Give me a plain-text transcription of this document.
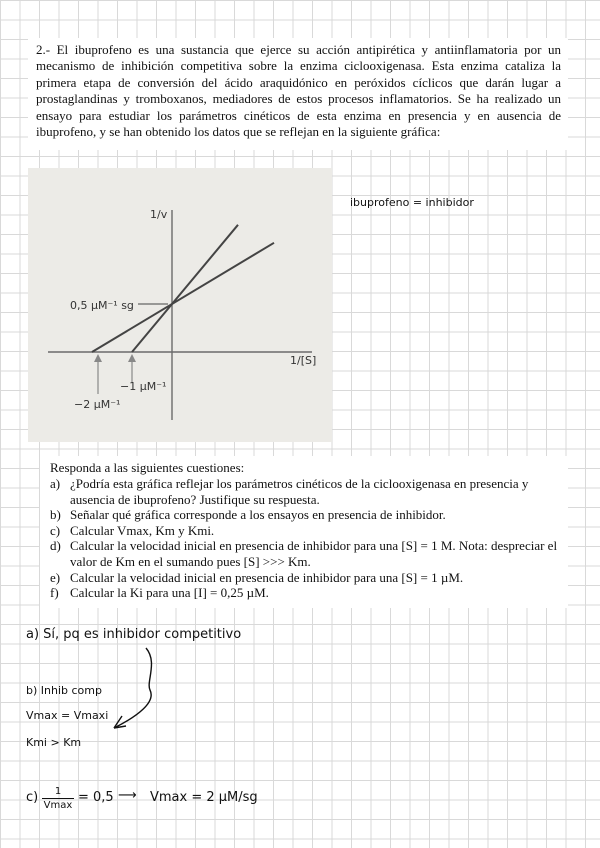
2.- El ibuprofeno es una sustancia que ejerce su acción antipirética y antiinflamatoria por un mecanismo de inhibición competitiva sobre la enzima ciclooxigenasa. Esta enzima cataliza la primera etapa de conversión del ácido araquidónico en peróxidos cíclicos que darán lugar a prostaglandinas y tromboxanos, mediadores de estos procesos inflamatorios. Se ha realizado un ensayo para estudiar los parámetros cinéticos de esta enzima en presencia y en ausencia de ibuprofeno, y se han obtenido los datos que se reflejan en la siguiente gráfica:

1/v
1/[S]
0,5 µM⁻¹ sg
−1 µM⁻¹
−2 µM⁻¹
ibuprofeno = inhibidor

Responda a las siguientes cuestiones:

a) ¿Podría esta gráfica reflejar los parámetros cinéticos de la ciclooxigenasa en presencia y ausencia de ibuprofeno? Justifique su respuesta.
b) Señalar qué gráfica corresponde a los ensayos en presencia de inhibidor.
c) Calcular Vmax, Km y Kmi.
d) Calcular la velocidad inicial en presencia de inhibidor para una [S] = 1 M. Nota: despreciar el valor de Km en el sumando pues [S] >>> Km.
e) Calcular la velocidad inicial en presencia de inhibidor para una [S] = 1 µM.
f) Calcular la Ki para una [I] = 0,25 µM.
a) Sí, pq es inhibidor competitivo
b) Inhib comp
Vmax = Vmaxi
Kmi > Km
c)	1
Vmax
= 0,5 ⟶ Vmax = 2 µM/sg
